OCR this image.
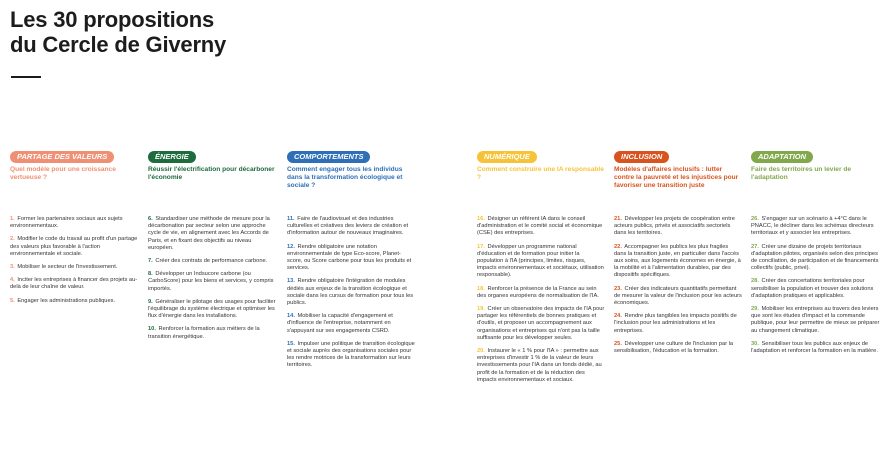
Les 30 propositions
du Cercle de Giverny
PARTAGE DES VALEURS
Quel modèle pour une croissance vertueuse ?
1. Former les partenaires sociaux aux sujets environnementaux.
2. Modifier le code du travail au profit d'un partage des valeurs plus favorable à l'action environnementale et sociale.
3. Mobiliser le secteur de l'investissement.
4. Inciter les entreprises à financer des projets au-delà de leur chaîne de valeur.
5. Engager les administrations publiques.
ÉNERGIE
Réussir l'électrification pour décarboner l'économie
6. Standardiser une méthode de mesure pour la décarbonation par secteur selon une approche cycle de vie, en alignement avec les Accords de Paris, et en fixant des objectifs au niveau européen.
7. Créer des contrats de performance carbone.
8. Développer un Indsucore carbone (ou CarboScore) pour les biens et services, y compris importés.
9. Généraliser le pilotage des usages pour faciliter l'équilibrage du système électrique et optimiser les flux d'énergie dans les installations.
10. Renforcer la formation aux métiers de la transition énergétique.
COMPORTEMENTS
Comment engager tous les individus dans la transformation écologique et sociale ?
11. Faire de l'audiovisuel et des industries culturelles et créatives des leviers de création et d'information autour de nouveaux imaginaires.
12. Rendre obligatoire une notation environnementale de type Eco-score, Planet-score, ou Score carbone pour tous les produits et services.
13. Rendre obligatoire l'intégration de modules dédiés aux enjeux de la transition écologique et sociale dans les cursus de formation pour tous les publics.
14. Mobiliser la capacité d'engagement et d'influence de l'entreprise, notamment en s'appuyant sur ses engagements CSRD.
15. Impulser une politique de transition écologique et sociale auprès des organisations sociales pour les rendre motrices de la transformation sur leurs territoires.
NUMÉRIQUE
Comment construire une IA responsable ?
16. Désigner un référent IA dans le conseil d'administration et le comité social et économique (CSE) des entreprises.
17. Développer un programme national d'éducation et de formation pour initier la population à l'IA (principes, limites, risques, impacts environnementaux et sociétaux, utilisation responsable).
18. Renforcer la présence de la France au sein des organes européens de normalisation de l'IA.
19. Créer un observatoire des impacts de l'IA pour partager les référentiels de bonnes pratiques et d'outils, et proposer un accompagnement aux organisations et entreprises qui n'ont pas la taille suffisante pour les développer seules.
20. Instaurer le « 1 % pour l'IA » : permettre aux entreprises d'investir 1 % de la valeur de leurs investissements pour l'IA dans un fonds dédié, au profit de la formation et de la réduction des impacts environnementaux et sociaux.
INCLUSION
Modèles d'affaires inclusifs : lutter contre la pauvreté et les injustices pour favoriser une transition juste
21. Développer les projets de coopération entre acteurs publics, privés et associatifs sectoriels dans les territoires.
22. Accompagner les publics les plus fragiles dans la transition juste, en particulier dans l'accès aux soins, aux logements économes en énergie, à la mobilité et à l'alimentation durables, par des dispositifs spécifiques.
23. Créer des indicateurs quantitatifs permettant de mesurer la valeur de l'inclusion pour les acteurs économiques.
24. Rendre plus tangibles les impacts positifs de l'inclusion pour les administrations et les entreprises.
25. Développer une culture de l'inclusion par la sensibilisation, l'éducation et la formation.
ADAPTATION
Faire des territoires un levier de l'adaptation
26. S'engager sur un scénario à +4°C dans le PNACC, le décliner dans les schémas directeurs territoriaux et y associer les entreprises.
27. Créer une dizaine de projets territoriaux d'adaptation pilotes, organisés selon des principes de conciliation, de participation et de financements collectifs (public, privé).
28. Créer des concertations territoriales pour sensibiliser la population et trouver des solutions d'adaptation pratiques et applicables.
29. Mobiliser les entreprises au travers des leviers que sont les études d'impact et la commande publique, pour leur permettre de mieux se préparer au changement climatique.
30. Sensibiliser tous les publics aux enjeux de l'adaptation et renforcer la formation en la matière.
